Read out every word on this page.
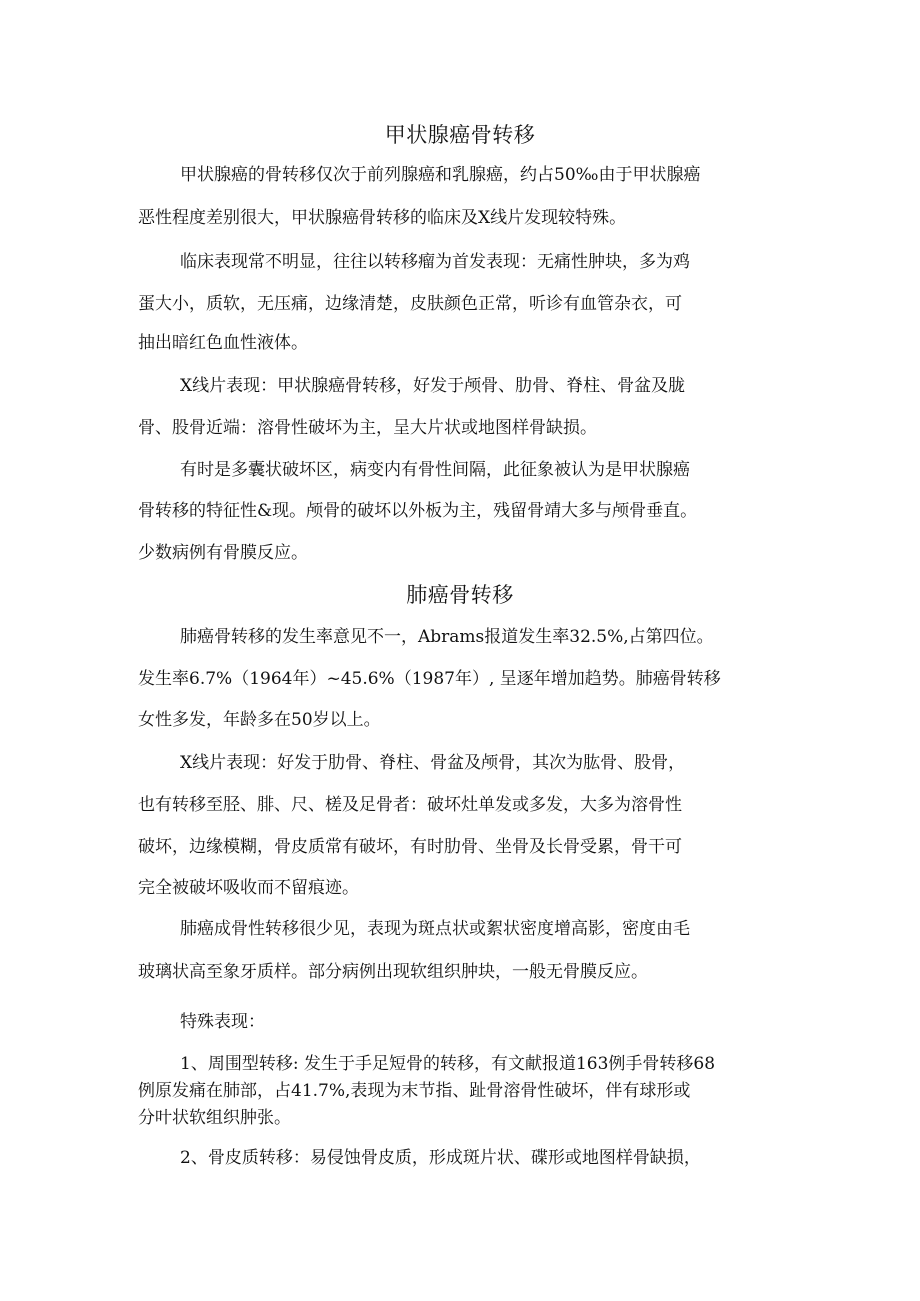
甲状腺癌骨转移

甲状腺癌的骨转移仅次于前列腺癌和乳腺癌，约占50‰由于甲状腺癌

恶性程度差别很大，甲状腺癌骨转移的临床及X线片发现较特殊。

临床表现常不明显，往往以转移瘤为首发表现：无痛性肿块，多为鸡

蛋大小，质软，无压痛，边缘清楚，皮肤颜色正常，听诊有血管杂衣，可

抽出暗红色血性液体。

X线片表现：甲状腺癌骨转移，好发于颅骨、肋骨、脊柱、骨盆及胧

骨、股骨近端：溶骨性破坏为主，呈大片状或地图样骨缺损。

有时是多囊状破坏区，病变内有骨性间隔，此征象被认为是甲状腺癌

骨转移的特征性&现。颅骨的破坏以外板为主，残留骨靖大多与颅骨垂直。

少数病例有骨膜反应。

肺癌骨转移

肺癌骨转移的发生率意见不一，Abrams报道发生率32.5%,占第四位。

发生率6.7%（1964年）~45.6%（1987年）, 呈逐年增加趋势。肺癌骨转移

女性多发，年龄多在50岁以上。

X线片表现：好发于肋骨、脊柱、骨盆及颅骨，其次为肱骨、股骨，

也有转移至胫、腓、尺、槎及足骨者：破坏灶单发或多发，大多为溶骨性

破坏，边缘模糊，骨皮质常有破坏，有时肋骨、坐骨及长骨受累，骨干可

完全被破坏吸收而不留痕迹。

肺癌成骨性转移很少见，表现为斑点状或絮状密度增高影，密度由毛

玻璃状高至象牙质样。部分病例出现软组织肿块，一般无骨膜反应。

特殊表现：

1、周围型转移: 发生于手足短骨的转移，有文献报道163例手骨转移68

例原发痛在肺部，占41.7%,表现为末节指、趾骨溶骨性破坏，伴有球形或

分叶状软组织肿张。

2、骨皮质转移：易侵蚀骨皮质，形成斑片状、碟形或地图样骨缺损，
